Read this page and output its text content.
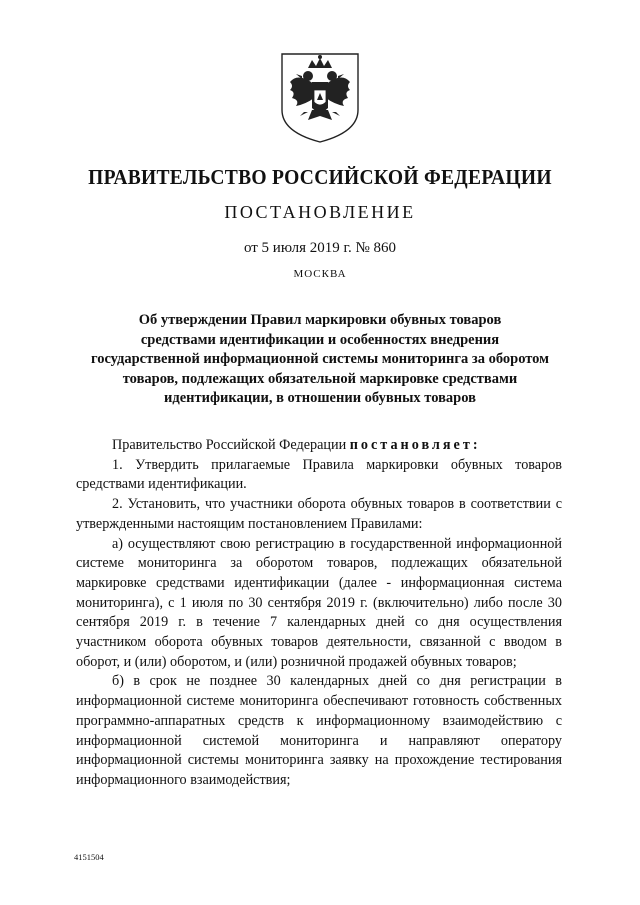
ПРАВИТЕЛЬСТВО РОССИЙСКОЙ ФЕДЕРАЦИИ
ПОСТАНОВЛЕНИЕ
от 5 июля 2019 г. № 860
МОСКВА
Об утверждении Правил маркировки обувных товаров
средствами идентификации и особенностях внедрения
государственной информационной системы мониторинга за оборотом
товаров, подлежащих обязательной маркировке средствами
идентификации, в отношении обувных товаров

Правительство Российской Федерации постановляет:

1. Утвердить прилагаемые Правила маркировки обувных товаров средствами идентификации.

2. Установить, что участники оборота обувных товаров в соответствии с утвержденными настоящим постановлением Правилами:

а) осуществляют свою регистрацию в государственной информационной системе мониторинга за оборотом товаров, подлежащих обязательной маркировке средствами идентификации (далее - информационная система мониторинга), с 1 июля по 30 сентября 2019 г. (включительно) либо после 30 сентября 2019 г. в течение 7 календарных дней со дня осуществления участником оборота обувных товаров деятельности, связанной с вводом в оборот, и (или) оборотом, и (или) розничной продажей обувных товаров;

б) в срок не позднее 30 календарных дней со дня регистрации в информационной системе мониторинга обеспечивают готовность собственных программно-аппаратных средств к информационному взаимодействию с информационной системой мониторинга и направляют оператору информационной системы мониторинга заявку на прохождение тестирования информационного взаимодействия;

4151504
